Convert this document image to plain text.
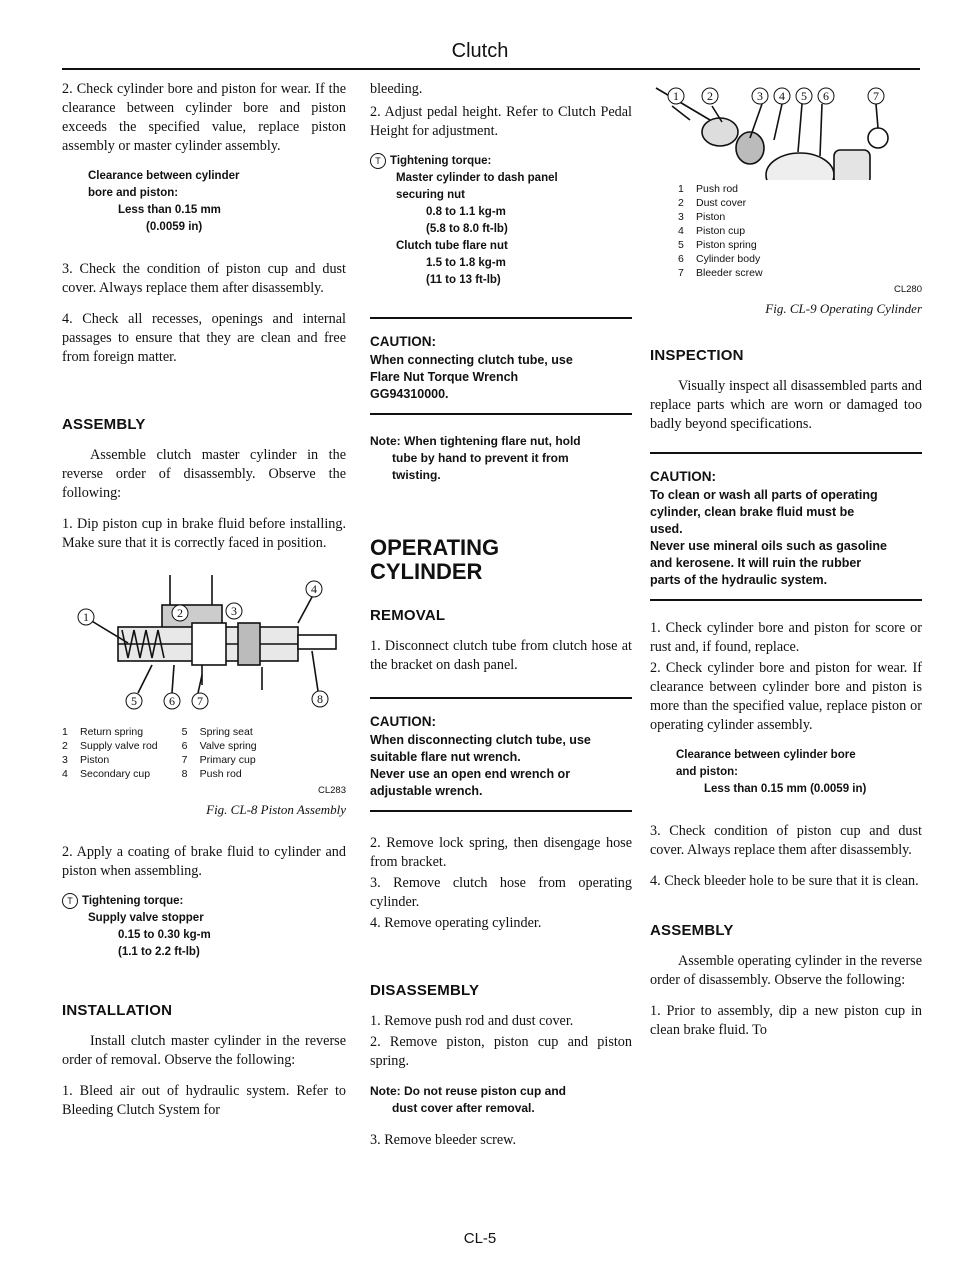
Clutch

2. Check cylinder bore and piston for wear. If the clearance between cylinder bore and piston exceeds the specified value, replace piston assembly or master cylinder assembly.

Clearance between cylinder
bore and piston:
Less than 0.15 mm
(0.0059 in)

3. Check the condition of piston cup and dust cover. Always replace them after disassembly.

4. Check all recesses, openings and internal passages to ensure that they are clean and free from foreign matter.

ASSEMBLY

Assemble clutch master cylinder in the reverse order of disassembly. Observe the following:

1. Dip piston cup in brake fluid before installing. Make sure that it is correctly faced in position.

1	2	3
4
5	6 7	8
1	Return spring
2	Supply valve rod
3	Piston
4	Secondary cup
5	Spring seat
6	Valve spring
7	Primary cup
8	Push rod
CL283
Fig. CL-8 Piston Assembly

2. Apply a coating of brake fluid to cylinder and piston when assembling.

T Tightening torque:
Supply valve stopper
0.15 to 0.30 kg-m
(1.1 to 2.2 ft-lb)
INSTALLATION

Install clutch master cylinder in the reverse order of removal. Observe the following:

1. Bleed air out of hydraulic system. Refer to Bleeding Clutch System for

bleeding.

2. Adjust pedal height. Refer to Clutch Pedal Height for adjustment.

T Tightening torque:
Master cylinder to dash panel
securing nut
0.8 to 1.1 kg-m
(5.8 to 8.0 ft-lb)
Clutch tube flare nut
1.5 to 1.8 kg-m
(11 to 13 ft-lb)
CAUTION:
When connecting clutch tube, use
Flare Nut Torque Wrench
GG94310000.
Note: When tightening flare nut, hold
tube by hand to prevent it from
twisting.
OPERATING
CYLINDER
REMOVAL

1. Disconnect clutch tube from clutch hose at the bracket on dash panel.

CAUTION:
When disconnecting clutch tube, use
suitable flare nut wrench.
Never use an open end wrench or
adjustable wrench.

2. Remove lock spring, then disengage hose from bracket.

3. Remove clutch hose from operating cylinder.

4. Remove operating cylinder.

DISASSEMBLY

1. Remove push rod and dust cover.

2. Remove piston, piston cup and piston spring.

Note: Do not reuse piston cup and
dust cover after removal.

3. Remove bleeder screw.

1 2	3 4 5 6	7
1	Push rod
2	Dust cover
3	Piston
4	Piston cup
5	Piston spring
6	Cylinder body
7	Bleeder screw
CL280
Fig. CL-9 Operating Cylinder
INSPECTION

Visually inspect all disassembled parts and replace parts which are worn or damaged too badly beyond specifications.

CAUTION:
To clean or wash all parts of operating
cylinder, clean brake fluid must be
used.
Never use mineral oils such as gasoline
and kerosene. It will ruin the rubber
parts of the hydraulic system.

1. Check cylinder bore and piston for score or rust and, if found, replace.

2. Check cylinder bore and piston for wear. If clearance between cylinder bore and piston is more than the specified value, replace piston or operating cylinder assembly.

Clearance between cylinder bore
and piston:
Less than 0.15 mm (0.0059 in)

3. Check condition of piston cup and dust cover. Always replace them after disassembly.

4. Check bleeder hole to be sure that it is clean.

ASSEMBLY

Assemble operating cylinder in the reverse order of disassembly. Observe the following:

1. Prior to assembly, dip a new piston cup in clean brake fluid. To

CL-5
